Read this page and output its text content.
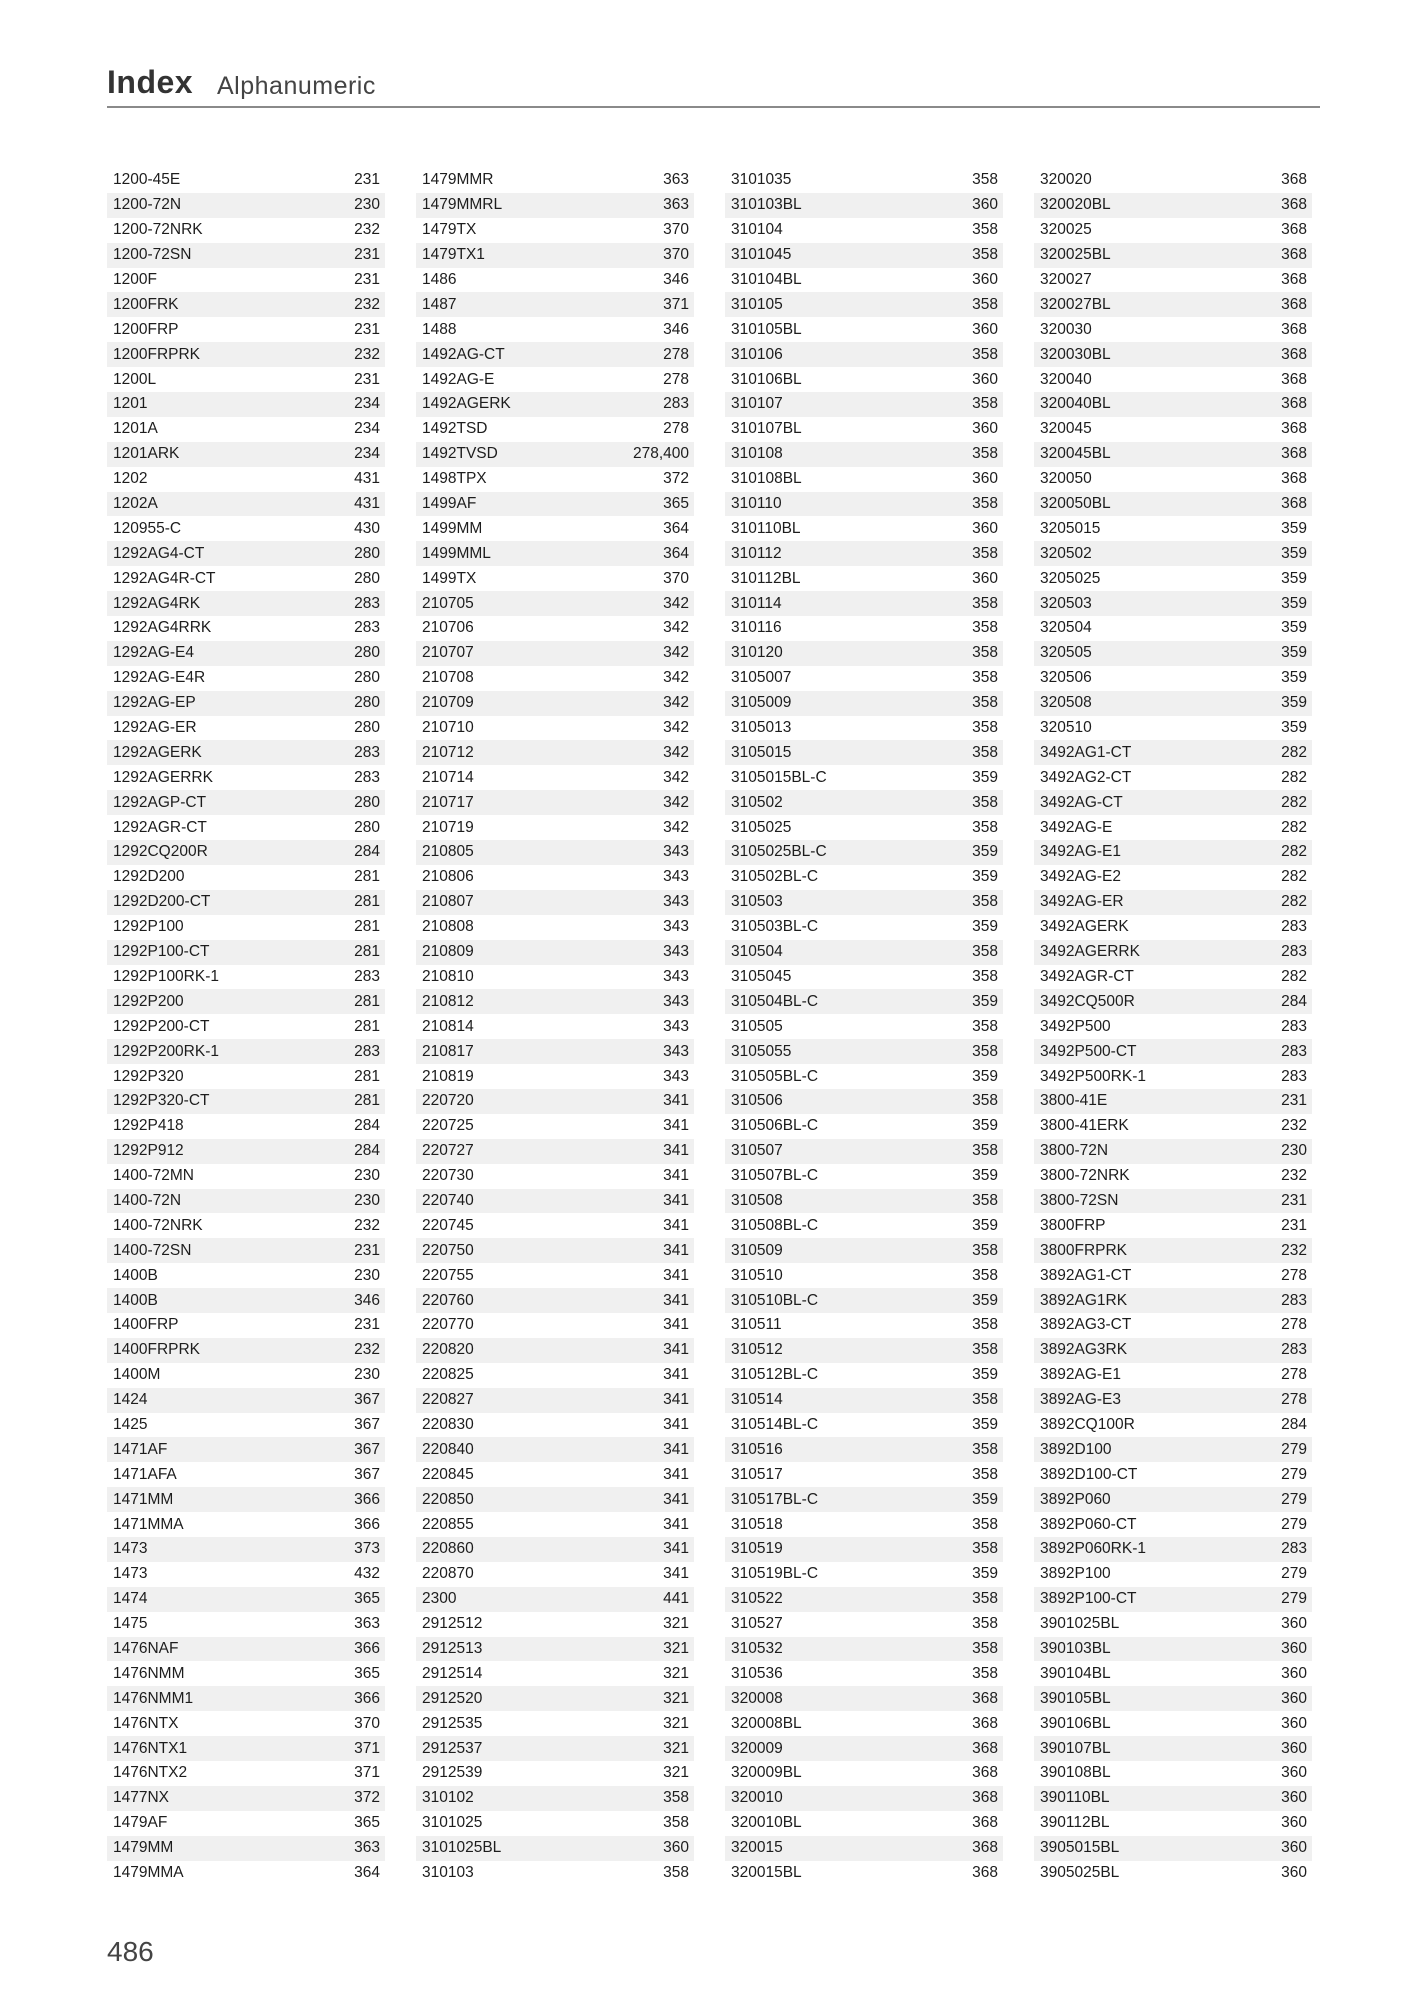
Index Alphanumeric
1200-45E	231
1200-72N	230
1200-72NRK	232
1200-72SN	231
1200F	231
1200FRK	232
1200FRP	231
1200FRPRK	232
1200L	231
1201	234
1201A	234
1201ARK	234
1202	431
1202A	431
120955-C	430
1292AG4-CT	280
1292AG4R-CT	280
1292AG4RK	283
1292AG4RRK	283
1292AG-E4	280
1292AG-E4R	280
1292AG-EP	280
1292AG-ER	280
1292AGERK	283
1292AGERRK	283
1292AGP-CT	280
1292AGR-CT	280
1292CQ200R	284
1292D200	281
1292D200-CT	281
1292P100	281
1292P100-CT	281
1292P100RK-1	283
1292P200	281
1292P200-CT	281
1292P200RK-1	283
1292P320	281
1292P320-CT	281
1292P418	284
1292P912	284
1400-72MN	230
1400-72N	230
1400-72NRK	232
1400-72SN	231
1400B	230
1400B	346
1400FRP	231
1400FRPRK	232
1400M	230
1424	367
1425	367
1471AF	367
1471AFA	367
1471MM	366
1471MMA	366
1473	373
1473	432
1474	365
1475	363
1476NAF	366
1476NMM	365
1476NMM1	366
1476NTX	370
1476NTX1	371
1476NTX2	371
1477NX	372
1479AF	365
1479MM	363
1479MMA	364
1479MMR	363
1479MMRL	363
1479TX	370
1479TX1	370
1486	346
1487	371
1488	346
1492AG-CT	278
1492AG-E	278
1492AGERK	283
1492TSD	278
1492TVSD	278,400
1498TPX	372
1499AF	365
1499MM	364
1499MML	364
1499TX	370
210705	342
210706	342
210707	342
210708	342
210709	342
210710	342
210712	342
210714	342
210717	342
210719	342
210805	343
210806	343
210807	343
210808	343
210809	343
210810	343
210812	343
210814	343
210817	343
210819	343
220720	341
220725	341
220727	341
220730	341
220740	341
220745	341
220750	341
220755	341
220760	341
220770	341
220820	341
220825	341
220827	341
220830	341
220840	341
220845	341
220850	341
220855	341
220860	341
220870	341
2300	441
2912512	321
2912513	321
2912514	321
2912520	321
2912535	321
2912537	321
2912539	321
310102	358
3101025	358
3101025BL	360
310103	358
3101035	358
310103BL	360
310104	358
3101045	358
310104BL	360
310105	358
310105BL	360
310106	358
310106BL	360
310107	358
310107BL	360
310108	358
310108BL	360
310110	358
310110BL	360
310112	358
310112BL	360
310114	358
310116	358
310120	358
3105007	358
3105009	358
3105013	358
3105015	358
3105015BL-C	359
310502	358
3105025	358
3105025BL-C	359
310502BL-C	359
310503	358
310503BL-C	359
310504	358
3105045	358
310504BL-C	359
310505	358
3105055	358
310505BL-C	359
310506	358
310506BL-C	359
310507	358
310507BL-C	359
310508	358
310508BL-C	359
310509	358
310510	358
310510BL-C	359
310511	358
310512	358
310512BL-C	359
310514	358
310514BL-C	359
310516	358
310517	358
310517BL-C	359
310518	358
310519	358
310519BL-C	359
310522	358
310527	358
310532	358
310536	358
320008	368
320008BL	368
320009	368
320009BL	368
320010	368
320010BL	368
320015	368
320015BL	368
320020	368
320020BL	368
320025	368
320025BL	368
320027	368
320027BL	368
320030	368
320030BL	368
320040	368
320040BL	368
320045	368
320045BL	368
320050	368
320050BL	368
3205015	359
320502	359
3205025	359
320503	359
320504	359
320505	359
320506	359
320508	359
320510	359
3492AG1-CT	282
3492AG2-CT	282
3492AG-CT	282
3492AG-E	282
3492AG-E1	282
3492AG-E2	282
3492AG-ER	282
3492AGERK	283
3492AGERRK	283
3492AGR-CT	282
3492CQ500R	284
3492P500	283
3492P500-CT	283
3492P500RK-1	283
3800-41E	231
3800-41ERK	232
3800-72N	230
3800-72NRK	232
3800-72SN	231
3800FRP	231
3800FRPRK	232
3892AG1-CT	278
3892AG1RK	283
3892AG3-CT	278
3892AG3RK	283
3892AG-E1	278
3892AG-E3	278
3892CQ100R	284
3892D100	279
3892D100-CT	279
3892P060	279
3892P060-CT	279
3892P060RK-1	283
3892P100	279
3892P100-CT	279
3901025BL	360
390103BL	360
390104BL	360
390105BL	360
390106BL	360
390107BL	360
390108BL	360
390110BL	360
390112BL	360
3905015BL	360
3905025BL	360
486
